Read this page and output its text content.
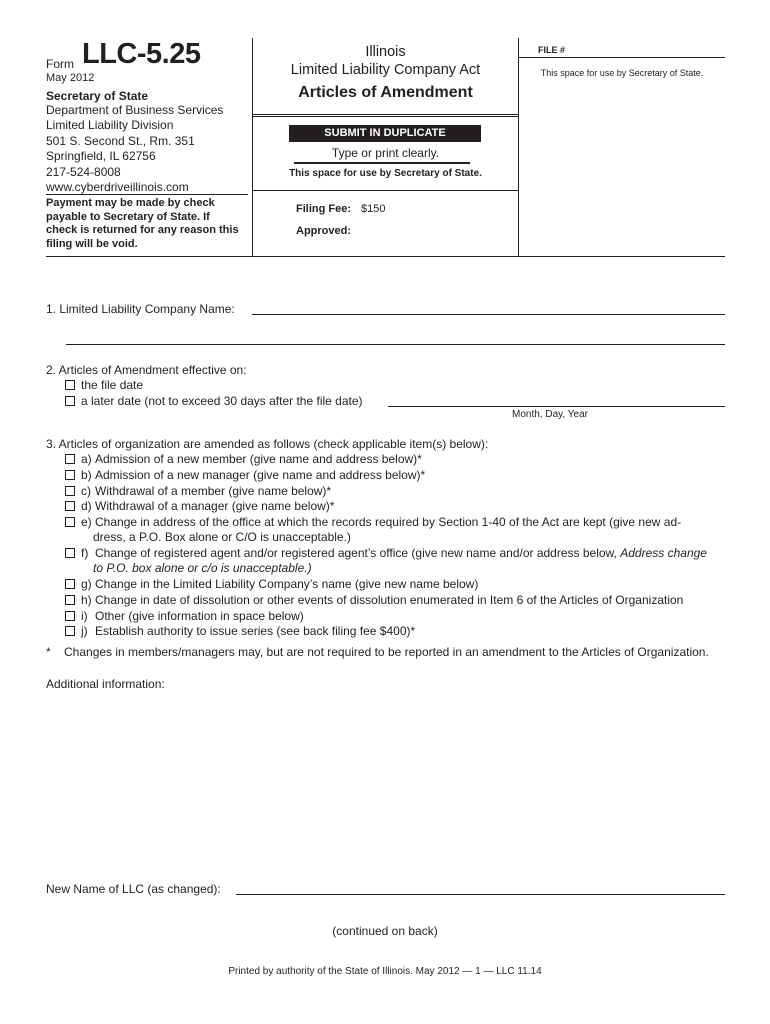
Form LLC-5.25
May 2012
Secretary of State
Department of Business Services
Limited Liability Division
501 S. Second St., Rm. 351
Springfield, IL 62756
217-524-8008
www.cyberdriveillinois.com
Payment may be made by check
payable to Secretary of State. If
check is returned for any reason this
filing will be void.
Illinois
Limited Liability Company Act
Articles of Amendment
SUBMIT IN DUPLICATE
Type or print clearly.
This space for use by Secretary of State.
Filing Fee: $150
Approved:
FILE #
This space for use by Secretary of State.
1. Limited Liability Company Name:
2. Articles of Amendment effective on:
the file date
a later date (not to exceed 30 days after the file date)
Month, Day, Year
3. Articles of organization are amended as follows (check applicable item(s) below):
a) Admission of a new member (give name and address below)*
b) Admission of a new manager (give name and address below)*
c) Withdrawal of a member (give name below)*
d) Withdrawal of a manager (give name below)*
e) Change in address of the office at which the records required by Section 1-40 of the Act are kept (give new ad-
dress, a P.O. Box alone or C/O is unacceptable.)
f) Change of registered agent and/or registered agent’s office (give new name and/or address below, Address change
to P.O. box alone or c/o is unacceptable.)
g) Change in the Limited Liability Company’s name (give new name below)
h) Change in date of dissolution or other events of dissolution enumerated in Item 6 of the Articles of Organization
i) Other (give information in space below)
j) Establish authority to issue series (see back filing fee $400)*
* Changes in members/managers may, but are not required to be reported in an amendment to the Articles of Organization.
Additional information:
New Name of LLC (as changed):
(continued on back)
Printed by authority of the State of Illinois. May 2012 — 1 — LLC 11.14
